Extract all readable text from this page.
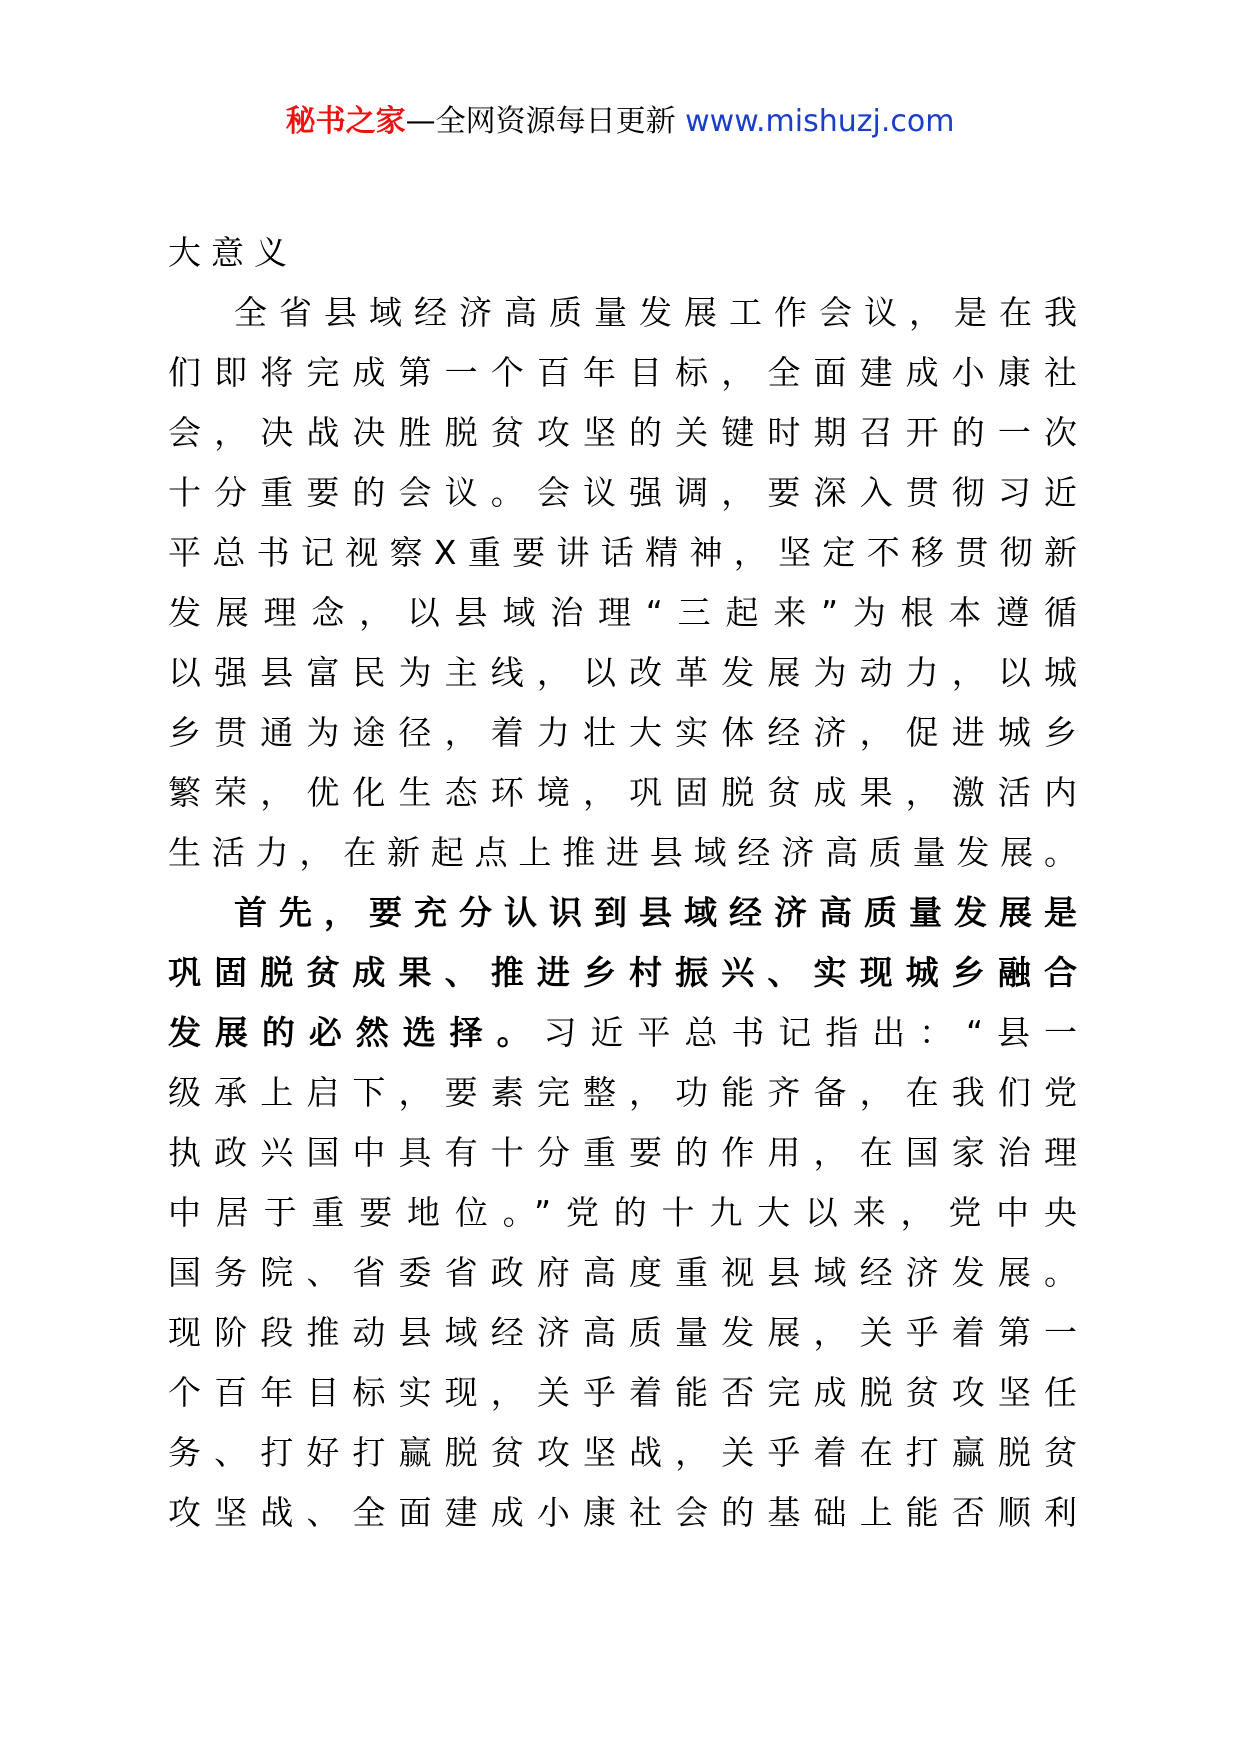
秘书之家—全网资源每日更新 www.mishuzj.com
大意义
全省县域经济高质量发展工作会议，是在我
们即将完成第一个百年目标，全面建成小康社
会，决战决胜脱贫攻坚的关键时期召开的一次
十分重要的会议。会议强调，要深入贯彻习近
平总书记视察X重要讲话精神，坚定不移贯彻新
发展理念，以县域治理“三起来”为根本遵循
以强县富民为主线，以改革发展为动力，以城
乡贯通为途径，着力壮大实体经济，促进城乡
繁荣，优化生态环境，巩固脱贫成果，激活内
生活力，在新起点上推进县域经济高质量发展。
首先，要充分认识到县域经济高质量发展是
巩固脱贫成果、推进乡村振兴、实现城乡融合
发展的必然选择。习近平总书记指出：“县一
级承上启下，要素完整，功能齐备，在我们党
执政兴国中具有十分重要的作用，在国家治理
中居于重要地位。”党的十九大以来，党中央
国务院、省委省政府高度重视县域经济发展。
现阶段推动县域经济高质量发展，关乎着第一
个百年目标实现，关乎着能否完成脱贫攻坚任
务、打好打赢脱贫攻坚战，关乎着在打赢脱贫
攻坚战、全面建成小康社会的基础上能否顺利
